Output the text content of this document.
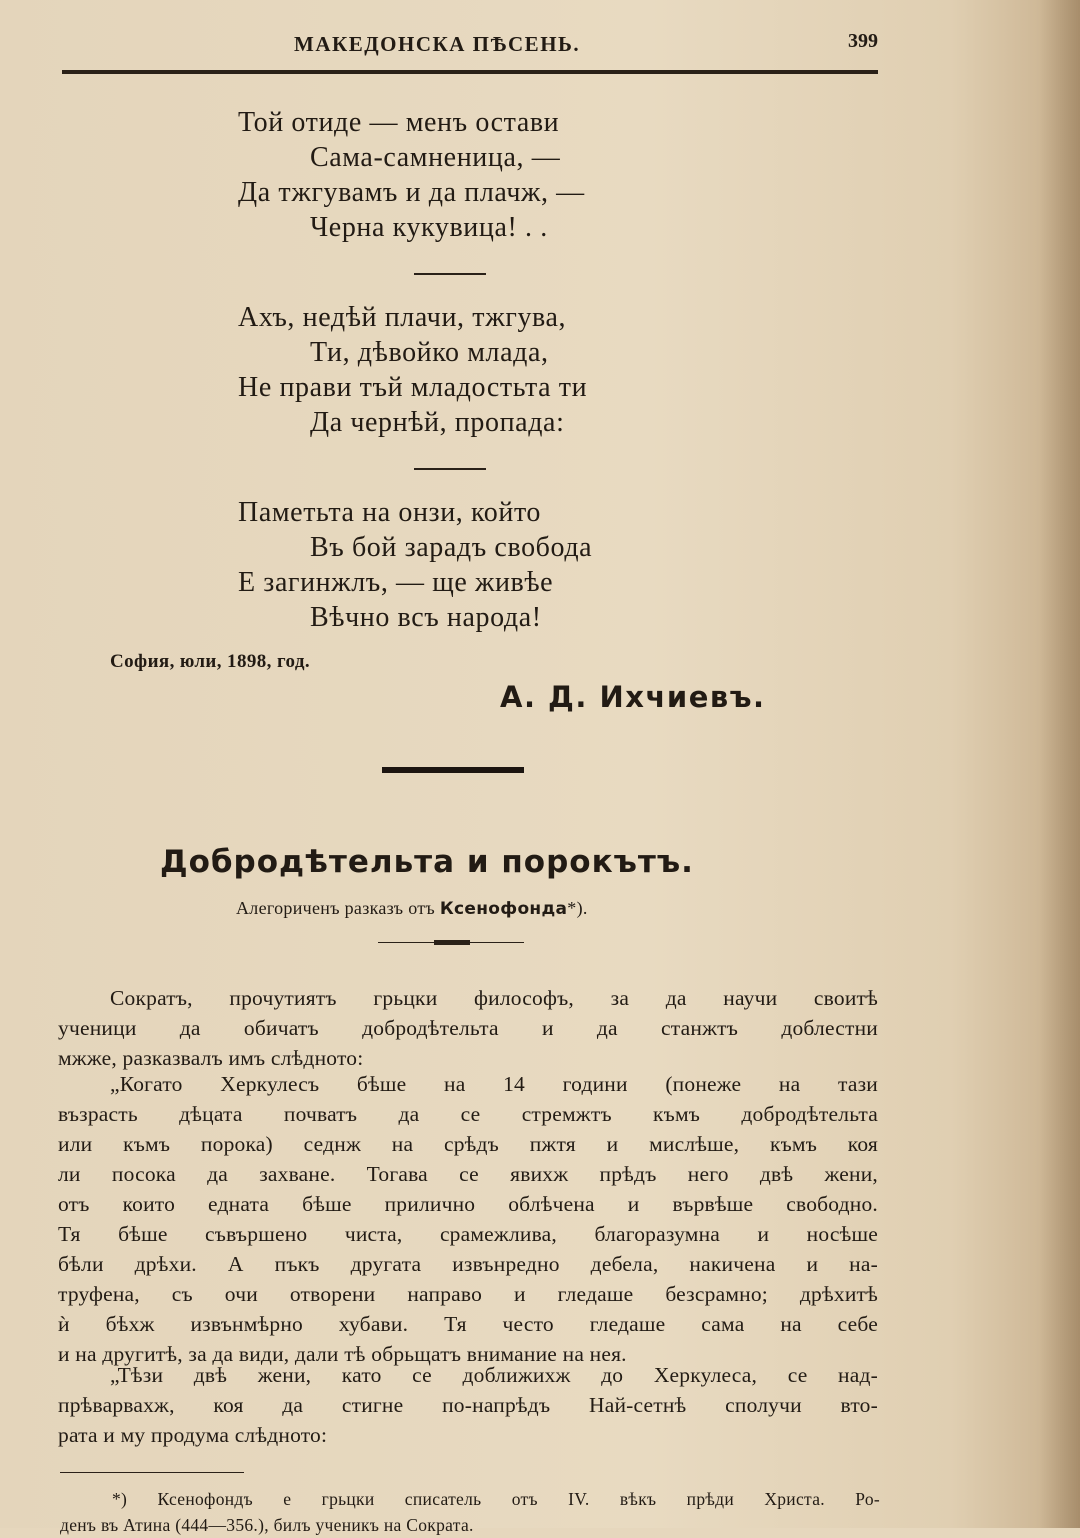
МАКЕДОНСКА ПѢСЕНЬ.	399
Той отиде — менъ остави
Сама-самненица, —
Да тжгувамъ и да плачж, —
Черна кукувица! . .
Ахъ, недѣй плачи, тжгува,
Ти, дѣвойко млада,
Не прави тъй младостьта ти
Да чернѣй, пропада:
Паметьта на онзи, който
Въ бой зарадъ свобода
Е загинжлъ, — ще живѣе
Вѣчно всъ народа!
София, юли, 1898, год.
А. Д. Ихчиевъ.
Добродѣтельта и порокътъ.
Алегориченъ разказъ отъ Ксенофонда*).
Сократъ, прочутиятъ грьцки философъ, за да научи своитѣ
ученици да обичатъ добродѣтельта и да станжтъ доблестни
мжже, разказвалъ имъ слѣдното:
„Когато Херкулесъ бѣше на 14 години (понеже на тази
възрасть дѣцата почватъ да се стремжтъ къмъ добродѣтельта
или къмъ порока) седнж на срѣдъ пжтя и мислѣше, къмъ коя
ли посока да захване. Тогава се явихж прѣдъ него двѣ жени,
отъ които едната бѣше прилично облѣчена и вървѣше свободно.
Тя бѣше съвършено чиста, срамежлива, благоразумна и носѣше
бѣли дрѣхи. А пъкъ другата извънредно дебела, накичена и на-
труфена, съ очи отворени направо и гледаше безсрамно; дрѣхитѣ
ѝ бѣхж извънмѣрно хубави. Тя често гледаше сама на себе
и на другитѣ, за да види, дали тѣ обрьщатъ внимание на нея.
„Тѣзи двѣ жени, като се доближихж до Херкулеса, се над-
прѣварвахж, коя да стигне по-напрѣдъ Най-сетнѣ сполучи вто-
рата и му продума слѣдното:
*) Ксенофондъ е грьцки списатель отъ IV. вѣкъ прѣди Христа. Ро-
денъ въ Атина (444—356.), билъ ученикъ на Сократа.
